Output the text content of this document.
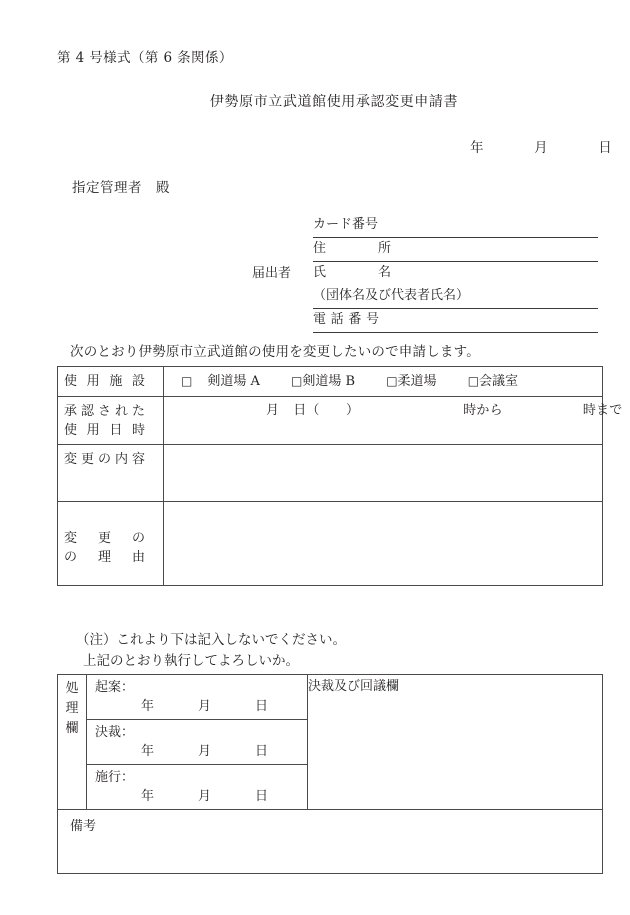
第 4 号様式（第 6 条関係）
伊勢原市立武道館使用承認変更申請書
年	月	日
指定管理者　殿
届出者
カード番号
住所
氏名
（団体名及び代表者氏名）
電話番号
次のとおり伊勢原市立武道館の使用を変更したいので申請します。
使用施設	□ 剣道場 A □剣道場 B □柔道場 □会議室

承認された
使用日時	月 日（　　） 時から 時まで

変更の内容	

変　更　の
の　理　由	

（注）これより下は記入しないでください。
上記のとおり執行してよろしいか。
処
理
欄

起案：
年	月	日
	決裁及び回議欄

決裁：
年	月	日

施行：
年	月	日

備考
